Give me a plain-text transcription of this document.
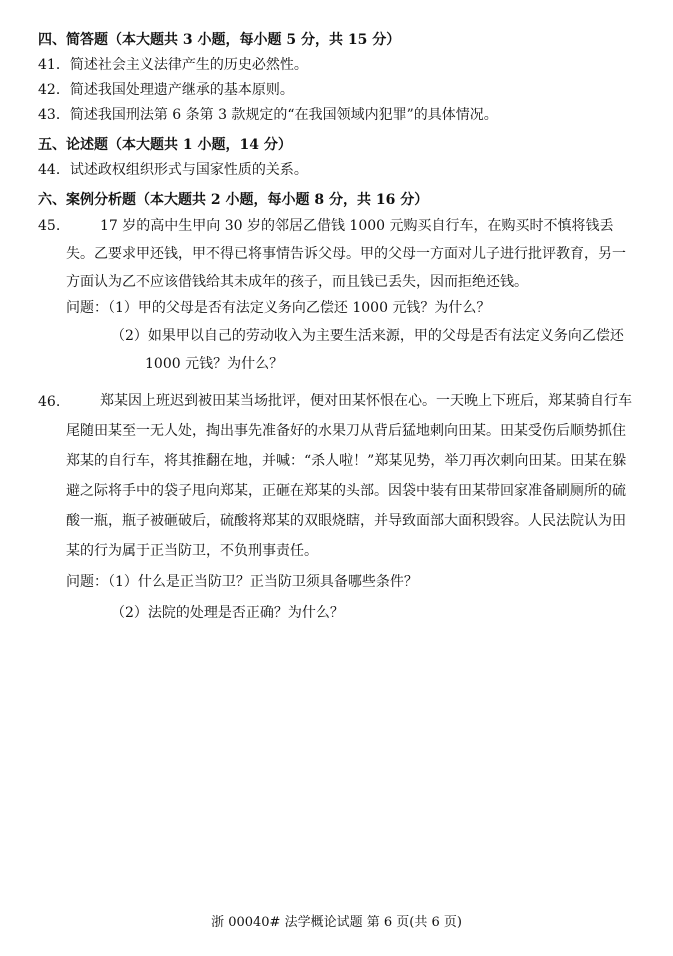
四、简答题（本大题共 3 小题，每小题 5 分，共 15 分）
41．简述社会主义法律产生的历史必然性。
42．简述我国处理遗产继承的基本原则。
43．简述我国刑法第 6 条第 3 款规定的“在我国领域内犯罪”的具体情况。
五、论述题（本大题共 1 小题，14 分）
44．试述政权组织形式与国家性质的关系。
六、案例分析题（本大题共 2 小题，每小题 8 分，共 16 分）
45.	17 岁的高中生甲向 30 岁的邻居乙借钱 1000 元购买自行车，在购买时不慎将钱丢失。乙要求甲还钱，甲不得已将事情告诉父母。甲的父母一方面对儿子进行批评教育，另一方面认为乙不应该借钱给其未成年的孩子，而且钱已丢失，因而拒绝还钱。
问题：（1）甲的父母是否有法定义务向乙偿还 1000 元钱？为什么？
（2）如果甲以自己的劳动收入为主要生活来源，甲的父母是否有法定义务向乙偿还 1000 元钱？为什么？
46.	郑某因上班迟到被田某当场批评，便对田某怀恨在心。一天晚上下班后，郑某骑自行车尾随田某至一无人处，掏出事先准备好的水果刀从背后猛地刺向田某。田某受伤后顺势抓住郑某的自行车，将其推翻在地，并喊：“杀人啦！”郑某见势，举刀再次刺向田某。田某在躲避之际将手中的袋子甩向郑某，正砸在郑某的头部。因袋中装有田某带回家准备刷厕所的硫酸一瓶，瓶子被砸破后，硫酸将郑某的双眼烧瞎，并导致面部大面积毁容。人民法院认为田某的行为属于正当防卫，不负刑事责任。
问题：（1）什么是正当防卫？正当防卫须具备哪些条件？
（2）法院的处理是否正确？为什么？
浙 00040# 法学概论试题 第 6 页(共 6 页)
